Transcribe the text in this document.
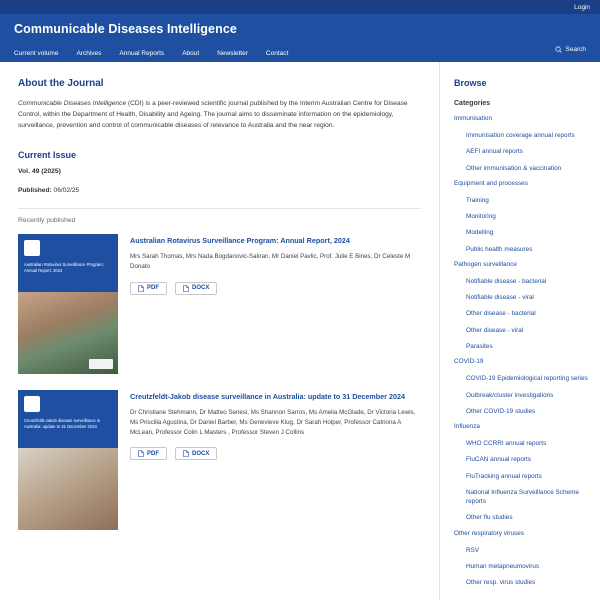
Login
Communicable Diseases Intelligence
Current volume	Archives	Annual Reports	About	Newsletter	Contact	Search
About the Journal

Communicable Diseases Intelligence (CDI) is a peer-reviewed scientific journal published by the Interim Australian Centre for Disease Control, within the Department of Health, Disability and Ageing. The journal aims to disseminate information on the epidemiology, surveillance, prevention and control of communicable diseases of relevance to Australia and the near region.

Current Issue

Vol. 49 (2025)

Published: 06/02/25

Recently published
Australian Rotavirus Surveillance Program: Annual Report, 2024
Australian Rotavirus Surveillance Program: Annual Report, 2024
Mrs Sarah Thomas, Mrs Nada Bogdanovic-Sakran, Mr Daniel Pavlic, Prof. Julie E Bines, Dr Celeste M Donato
PDF	DOCX
Creutzfeldt-Jakob disease surveillance in Australia: update to 31 December 2024
Creutzfeldt-Jakob disease surveillance in Australia: update to 31 December 2024
Dr Christiane Stehmann, Dr Matteo Senesi, Ms Shannon Sarros, Ms Amelia McGlade, Dr Victoria Lewis, Ms Priscilla Agustina, Dr Daniel Barber, Ms Genevieve Klug, Dr Sarah Holper, Professor Catriona A McLean, Professor Colin L Masters , Professor Steven J Collins
PDF	DOCX
Browse
Categories
Immunisation
Immunisation coverage annual reports
AEFI annual reports
Other immunisation & vaccination
Equipment and processes
Training
Monitoring
Modelling
Public health measures
Pathogen surveillance
Notifiable disease - bacterial
Notifiable disease - viral
Other disease - bacterial
Other disease - viral
Parasites
COVID-19
COVID-19 Epidemiological reporting series
Outbreak/cluster investigations
Other COVID-19 studies
Influenza
WHO CCRRI annual reports
FluCAN annual reports
FluTracking annual reports
National Influenza Surveillance Scheme reports
Other flu studies
Other respiratory viruses
RSV
Human metapneumovirus
Other resp. virus studies
